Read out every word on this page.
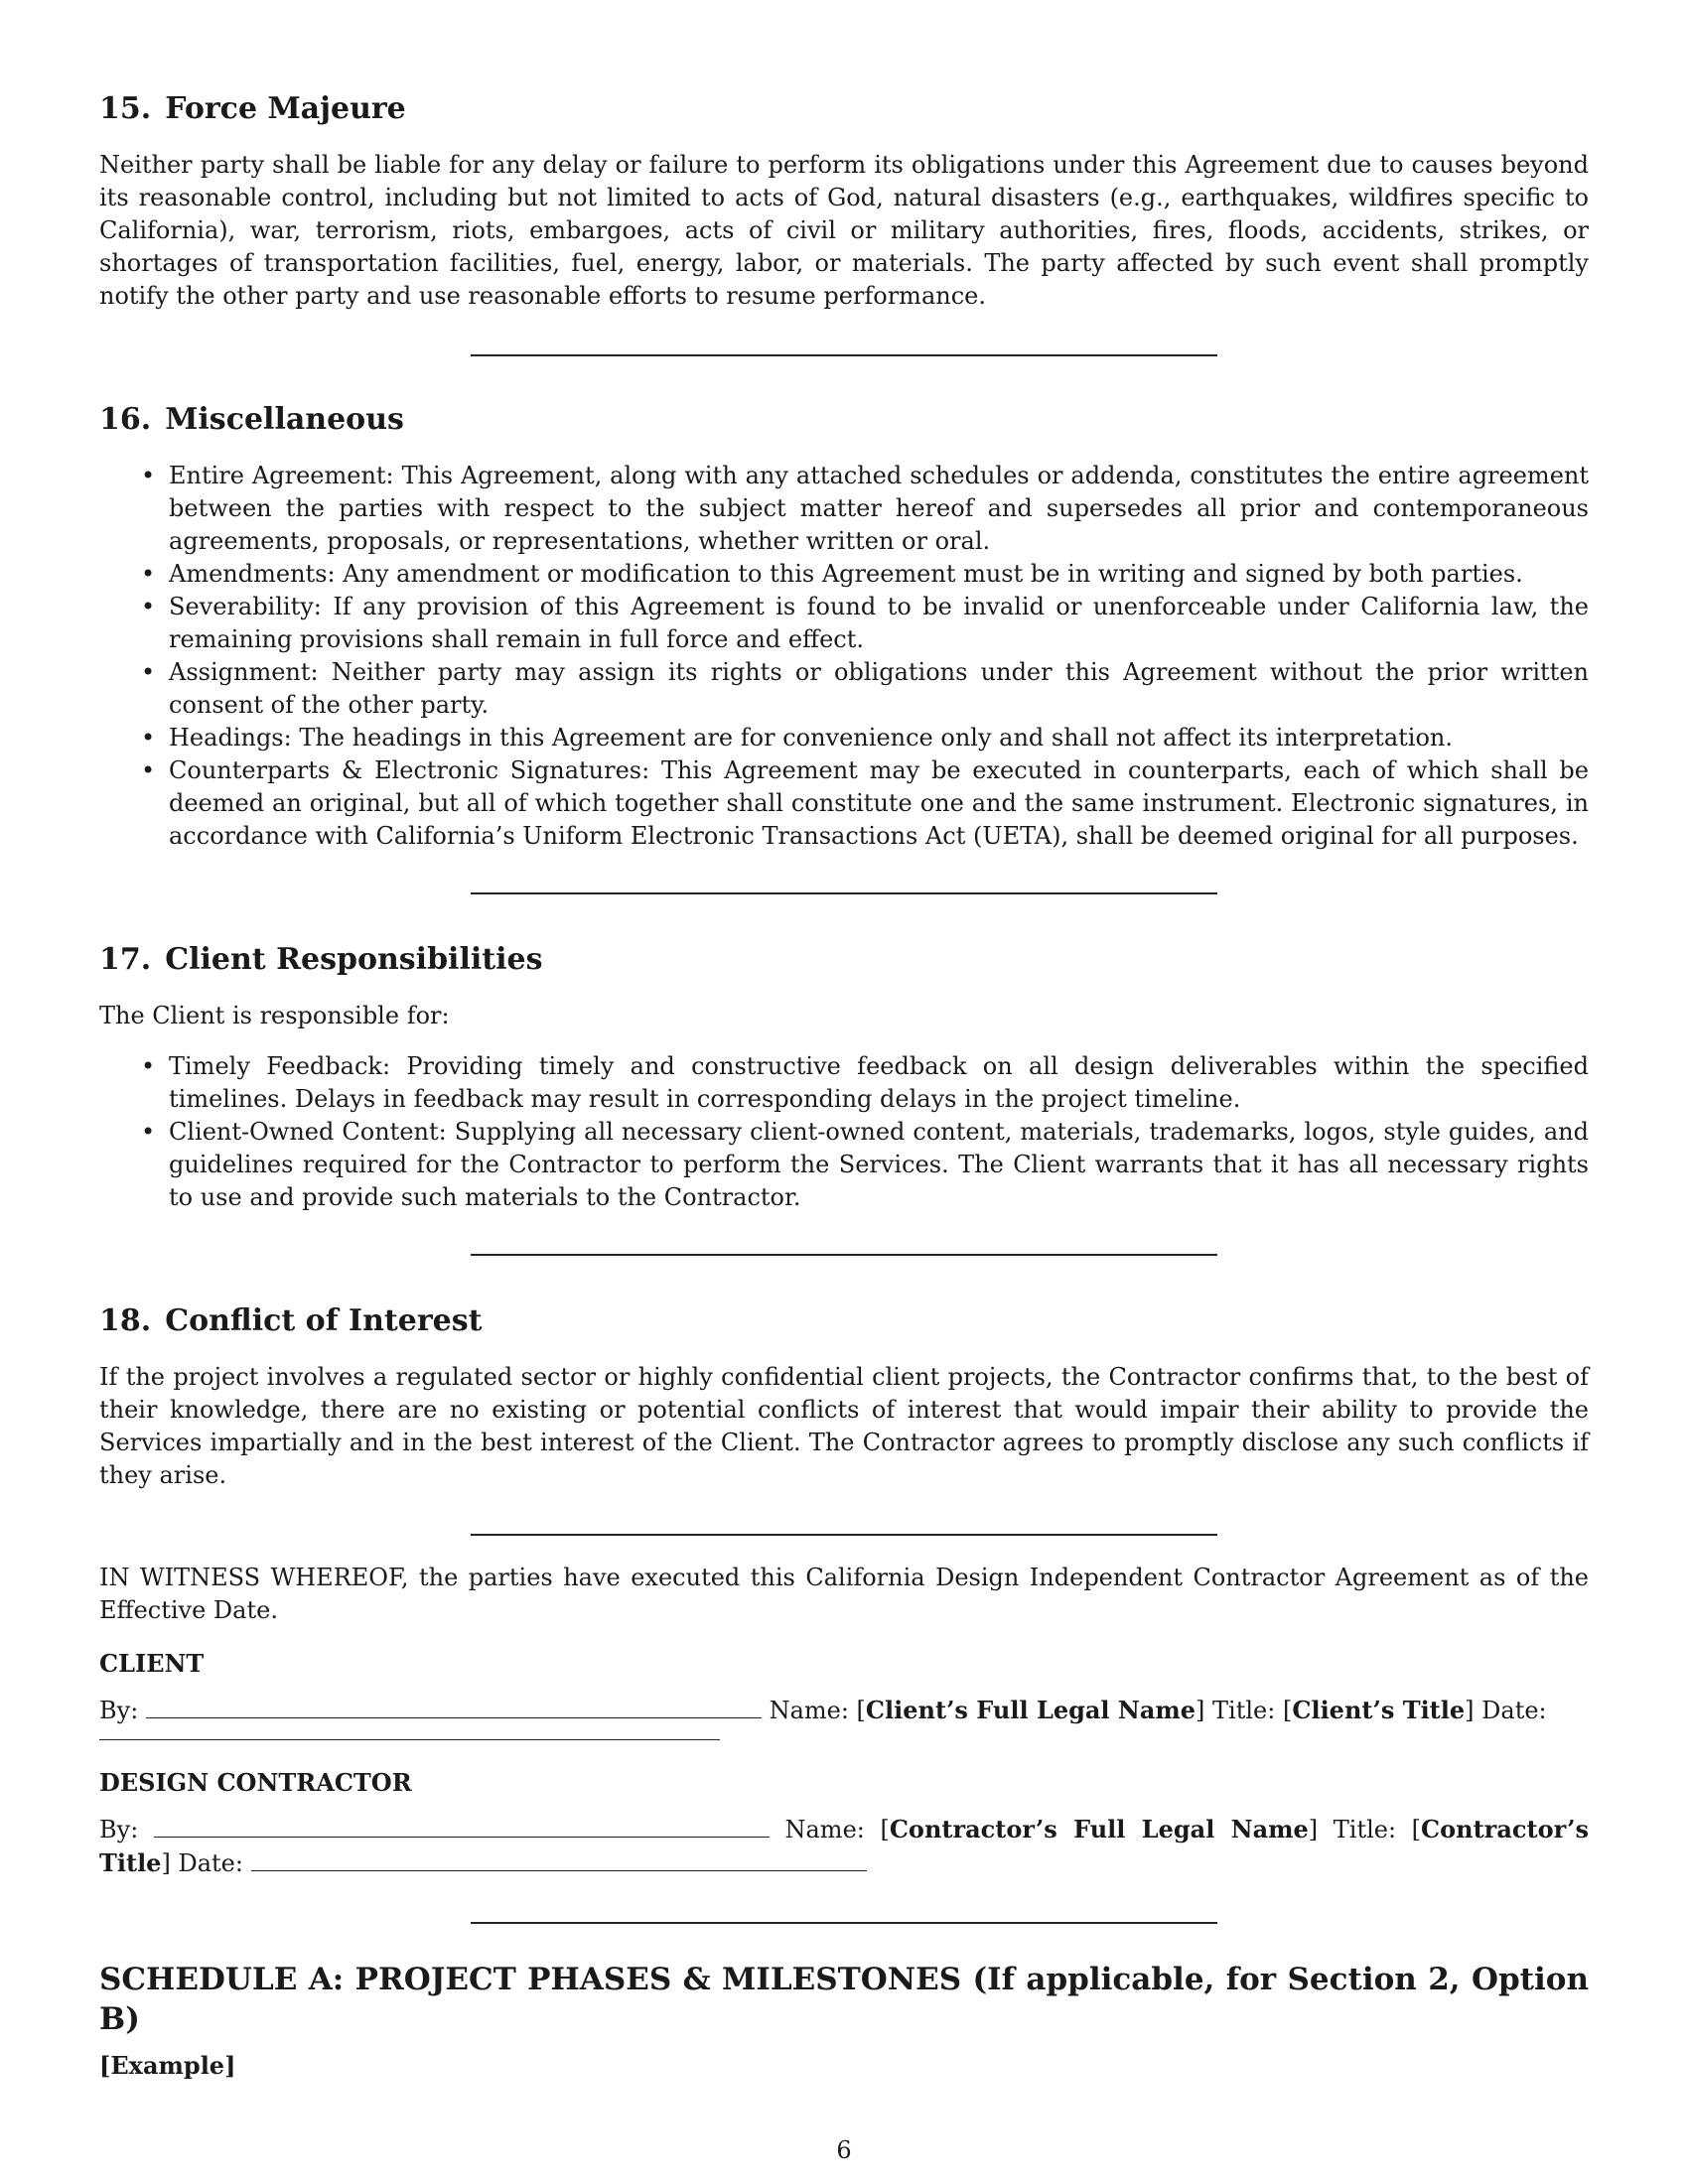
15. Force Majeure

Neither party shall be liable for any delay or failure to perform its obligations under this Agreement due to causes beyond its reasonable control, including but not limited to acts of God, natural disasters (e.g., earthquakes, wildfires specific to California), war, terrorism, riots, embargoes, acts of civil or military authorities, fires, floods, accidents, strikes, or shortages of transportation facilities, fuel, energy, labor, or materials. The party affected by such event shall promptly notify the other party and use reasonable efforts to resume performance.

16. Miscellaneous
• Entire Agreement: This Agreement, along with any attached schedules or addenda, constitutes the entire agreement between the parties with respect to the subject matter hereof and supersedes all prior and contemporaneous agreements, proposals, or representations, whether written or oral.
• Amendments: Any amendment or modification to this Agreement must be in writing and signed by both parties.
• Severability: If any provision of this Agreement is found to be invalid or unenforceable under California law, the remaining provisions shall remain in full force and effect.
• Assignment: Neither party may assign its rights or obligations under this Agreement without the prior written consent of the other party.
• Headings: The headings in this Agreement are for convenience only and shall not affect its interpretation.
• Counterparts & Electronic Signatures: This Agreement may be executed in counterparts, each of which shall be deemed an original, but all of which together shall constitute one and the same instrument. Electronic signatures, in accordance with California’s Uniform Electronic Transactions Act (UETA), shall be deemed original for all purposes.
17. Client Responsibilities

The Client is responsible for:

• Timely Feedback: Providing timely and constructive feedback on all design deliverables within the specified timelines. Delays in feedback may result in corresponding delays in the project timeline.
• Client-Owned Content: Supplying all necessary client-owned content, materials, trademarks, logos, style guides, and guidelines required for the Contractor to perform the Services. The Client warrants that it has all necessary rights to use and provide such materials to the Contractor.
18. Conflict of Interest

If the project involves a regulated sector or highly confidential client projects, the Contractor confirms that, to the best of their knowledge, there are no existing or potential conflicts of interest that would impair their ability to provide the Services impartially and in the best interest of the Client. The Contractor agrees to promptly disclose any such conflicts if they arise.

IN WITNESS WHEREOF, the parties have executed this California Design Independent Contractor Agreement as of the Effective Date.

CLIENT
By:	Name: [Client’s Full Legal Name] Title: [Client’s Title] Date:
DESIGN CONTRACTOR
By:	Name: [Contractor’s Full Legal Name] Title: [Contractor’s Title] Date:
SCHEDULE A: PROJECT PHASES & MILESTONES (If applicable, for Section 2, Option B)
[Example]
6
